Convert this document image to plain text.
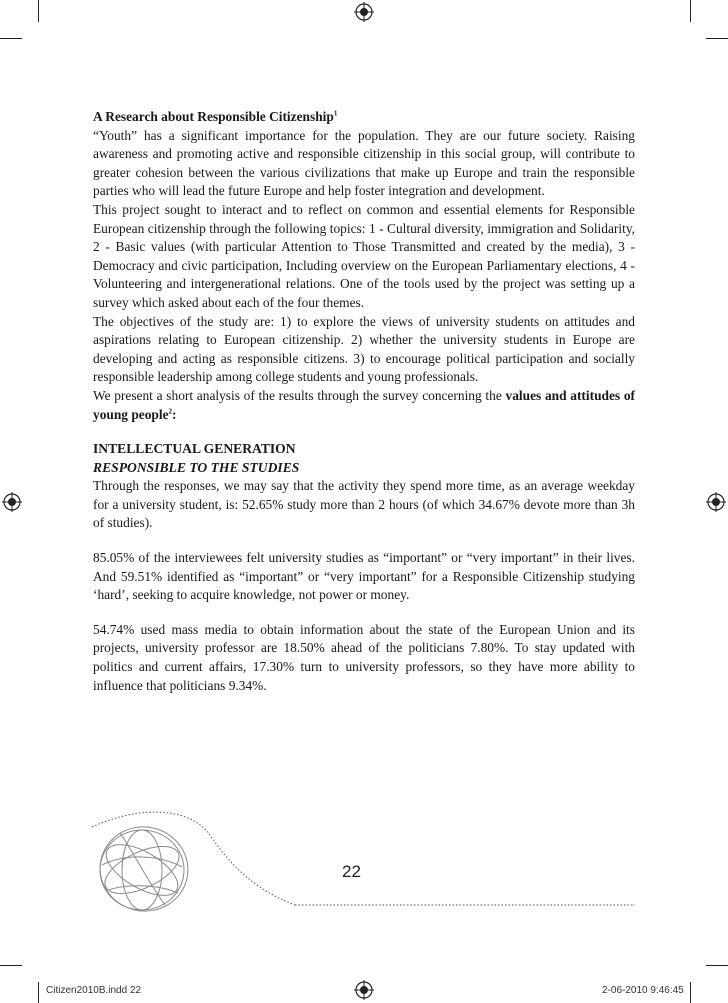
A Research about Responsible Citizenship$^1$

“Youth” has a significant importance for the population. They are our future society. Raising awareness and promoting active and responsible citizenship in this social group, will contribute to greater cohesion between the various civilizations that make up Europe and train the responsible parties who will lead the future Europe and help foster integration and development.

This project sought to interact and to reflect on common and essential elements for Responsible European citizenship through the following topics: 1 - Cultural diversity, immigration and Solidarity, 2 - Basic values (with particular Attention to Those Transmitted and created by the media), 3 - Democracy and civic participation, Including overview on the European Parliamentary elections, 4 - Volunteering and intergenerational relations. One of the tools used by the project was setting up a survey which asked about each of the four themes.

The objectives of the study are: 1) to explore the views of university students on attitudes and aspirations relating to European citizenship. 2) whether the university students in Europe are developing and acting as responsible citizens. 3) to encourage political participation and socially responsible leadership among college students and young professionals.

We present a short analysis of the results through the survey concerning the values and attitudes of young people$^2$:

INTELLECTUAL GENERATION

RESPONSIBLE TO THE STUDIES

Through the responses, we may say that the activity they spend more time, as an average weekday for a university student, is: 52.65% study more than 2 hours (of which 34.67% devote more than 3h of studies).

85.05% of the interviewees felt university studies as “important” or “very important” in their lives. And 59.51% identified as “important” or “very important” for a Responsible Citizenship studying ‘hard’, seeking to acquire knowledge, not power or money.

54.74% used mass media to obtain information about the state of the European Union and its projects, university professor are 18.50% ahead of the politicians 7.80%. To stay updated with politics and current affairs, 17.30% turn to university professors, so they have more ability to influence that politicians 9.34%.

22
Citizen2010B.indd 22	2-06-2010 9:46:45
